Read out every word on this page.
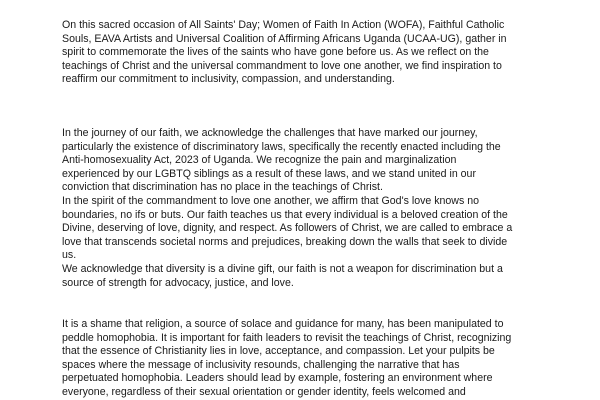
On this sacred occasion of All Saints' Day; Women of Faith In Action (WOFA), Faithful Catholic
Souls, EAVA Artists and Universal Coalition of Affirming Africans Uganda (UCAA-UG), gather in
spirit to commemorate the lives of the saints who have gone before us. As we reflect on the
teachings of Christ and the universal commandment to love one another, we find inspiration to
reaffirm our commitment to inclusivity, compassion, and understanding.
In the journey of our faith, we acknowledge the challenges that have marked our journey,
particularly the existence of discriminatory laws, specifically the recently enacted including the
Anti-homosexuality Act, 2023 of Uganda. We recognize the pain and marginalization
experienced by our LGBTQ siblings as a result of these laws, and we stand united in our
conviction that discrimination has no place in the teachings of Christ.
In the spirit of the commandment to love one another, we affirm that God's love knows no
boundaries, no ifs or buts. Our faith teaches us that every individual is a beloved creation of the
Divine, deserving of love, dignity, and respect. As followers of Christ, we are called to embrace a
love that transcends societal norms and prejudices, breaking down the walls that seek to divide
us.
We acknowledge that diversity is a divine gift, our faith is not a weapon for discrimination but a
source of strength for advocacy, justice, and love.
It is a shame that religion, a source of solace and guidance for many, has been manipulated to
peddle homophobia. It is important for faith leaders to revisit the teachings of Christ, recognizing
that the essence of Christianity lies in love, acceptance, and compassion. Let your pulpits be
spaces where the message of inclusivity resounds, challenging the narrative that has
perpetuated homophobia. Leaders should lead by example, fostering an environment where
everyone, regardless of their sexual orientation or gender identity, feels welcomed and
